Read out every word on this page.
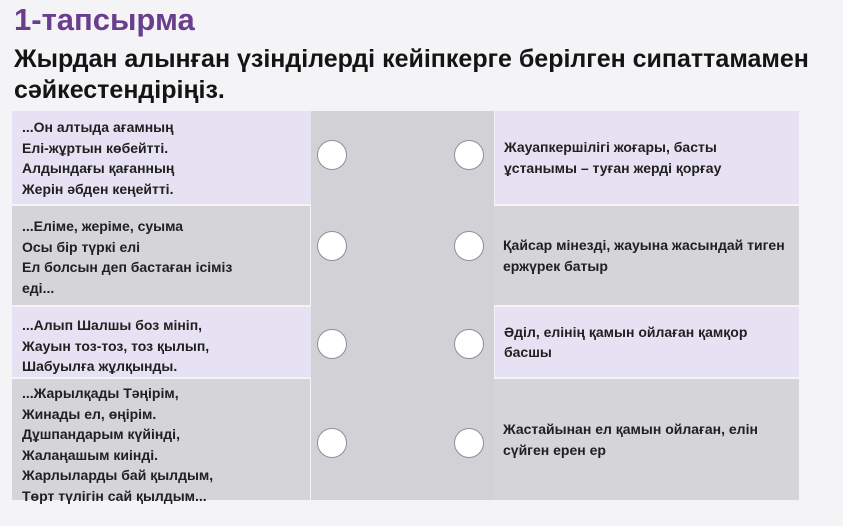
1-тапсырма
Жырдан алынған үзінділерді кейіпкерге берілген сипаттамамен сәйкестендіріңіз.
...Он алтыда ағамның
Елі-жұртын көбейтті.
Алдындағы қағанның
Жерін әбден кеңейтті.
...Еліме, жеріме, суыма
Осы бір түркі елі
Ел болсын деп бастаған ісіміз
еді...
...Алып Шалшы боз мініп,
Жауын тоз-тоз, тоз қылып,
Шабуылға жұлқынды.
...Жарылқады Тәңірім,
Жинады ел, өңірім.
Дұшпандарым күйінді,
Жалаңашым киінді.
Жарлыларды бай қылдым,
Төрт түлігін сай қылдым...
Жауапкершілігі жоғары, басты ұстанымы – туған жерді қорғау
Қайсар мінезді, жауына жасындай тиген ержүрек батыр
Әділ, елінің қамын ойлаған қамқор басшы
Жастайынан ел қамын ойлаған, елін сүйген ерен ер
